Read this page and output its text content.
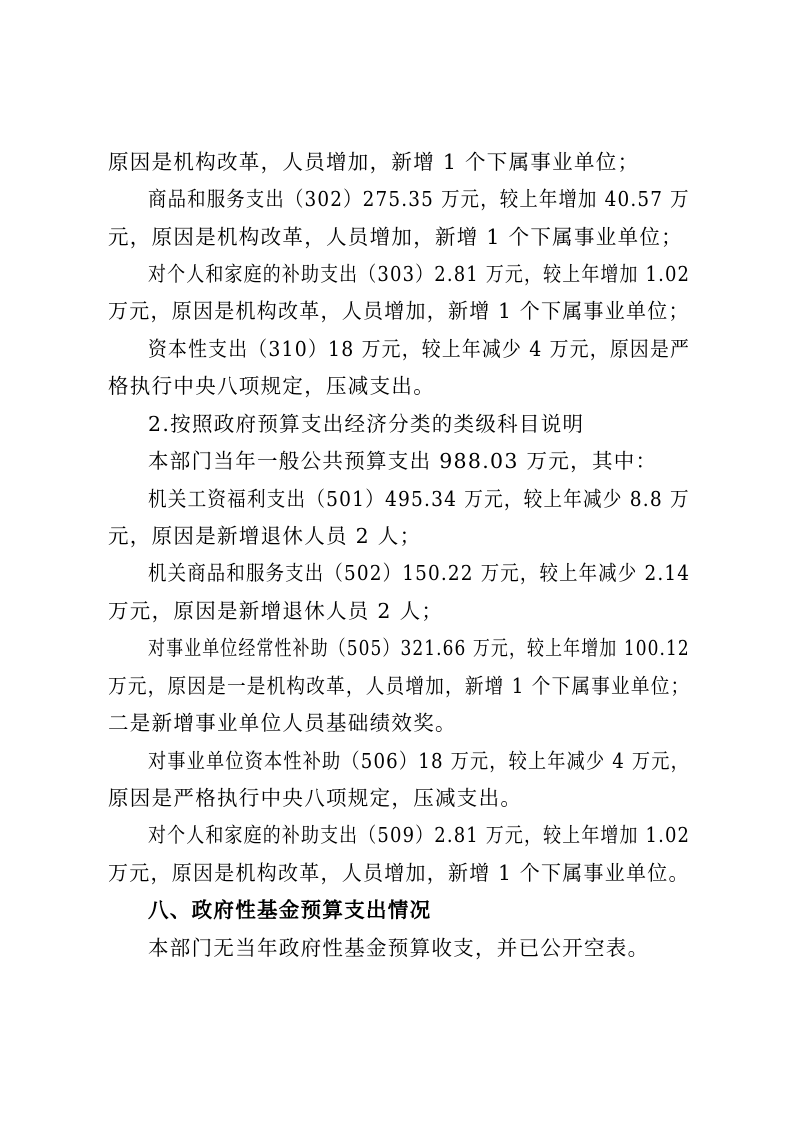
原因是机构改革，人员增加，新增 1 个下属事业单位；
商品和服务支出（302）275.35 万元，较上年增加 40.57 万
元，原因是机构改革，人员增加，新增 1 个下属事业单位；
对个人和家庭的补助支出（303）2.81 万元，较上年增加 1.02
万元，原因是机构改革，人员增加，新增 1 个下属事业单位；
资本性支出（310）18 万元，较上年减少 4 万元，原因是严
格执行中央八项规定，压减支出。
2.按照政府预算支出经济分类的类级科目说明
本部门当年一般公共预算支出 988.03 万元，其中：
机关工资福利支出（501）495.34 万元，较上年减少 8.8 万
元，原因是新增退休人员 2 人；
机关商品和服务支出（502）150.22 万元，较上年减少 2.14
万元，原因是新增退休人员 2 人；
对事业单位经常性补助（505）321.66 万元，较上年增加 100.12
万元，原因是一是机构改革，人员增加，新增 1 个下属事业单位；
二是新增事业单位人员基础绩效奖。
对事业单位资本性补助（506）18 万元，较上年减少 4 万元，
原因是严格执行中央八项规定，压减支出。
对个人和家庭的补助支出（509）2.81 万元，较上年增加 1.02
万元，原因是机构改革，人员增加，新增 1 个下属事业单位。
八、政府性基金预算支出情况
本部门无当年政府性基金预算收支，并已公开空表。
